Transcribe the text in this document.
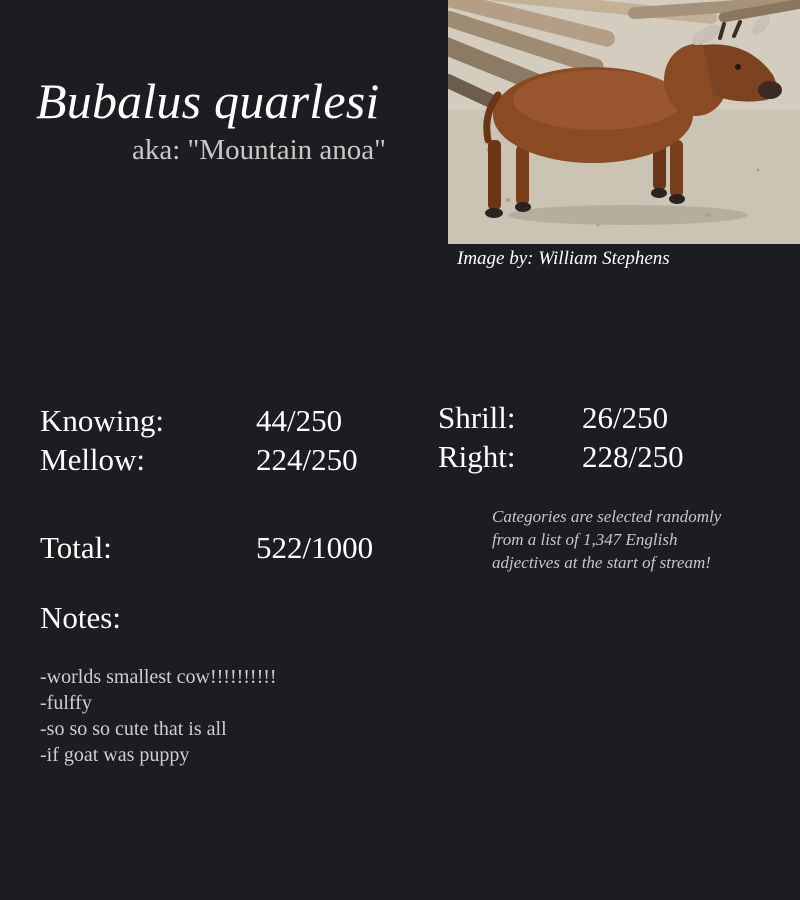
Bubalus quarlesi
aka: "Mountain anoa"
Image by: William Stephens
Knowing:	44/250
Mellow:	224/250
Shrill: 26/250
Right: 228/250
Total:	522/1000
Categories are selected randomly from a list of 1,347 English adjectives at the start of stream!
Notes:
-worlds smallest cow!!!!!!!!!!
-fulffy
-so so so cute that is all
-if goat was puppy
